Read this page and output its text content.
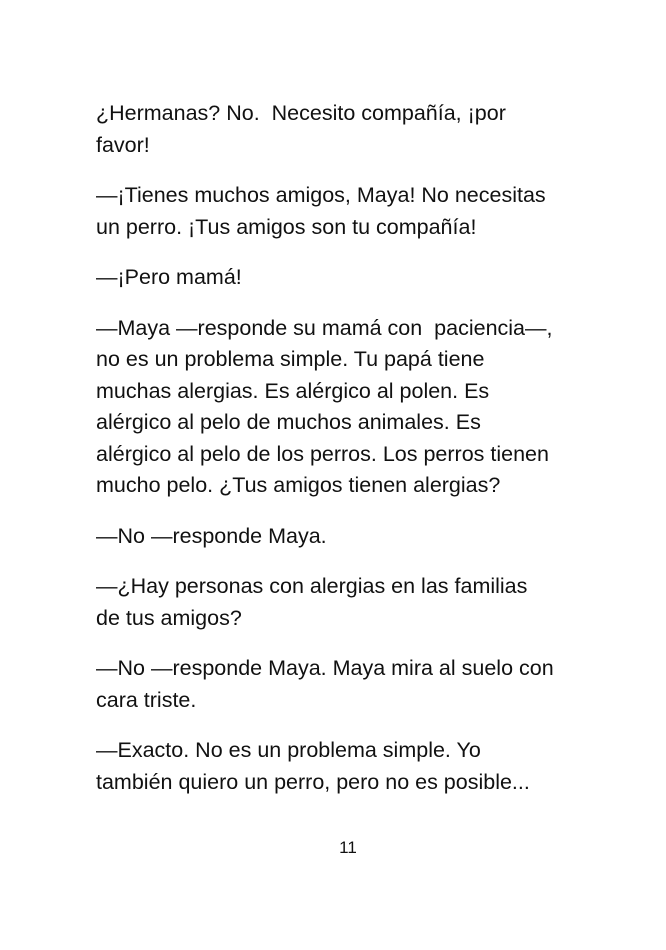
¿Hermanas? No.  Necesito compañía, ¡por
favor!

—¡Tienes muchos amigos, Maya! No necesitas
un perro. ¡Tus amigos son tu compañía!

—¡Pero mamá!

—Maya —responde su mamá con  paciencia—,
no es un problema simple. Tu papá tiene
muchas alergias. Es alérgico al polen. Es
alérgico al pelo de muchos animales. Es
alérgico al pelo de los perros. Los perros tienen
mucho pelo. ¿Tus amigos tienen alergias?

—No —responde Maya.

—¿Hay personas con alergias en las familias
de tus amigos?

—No —responde Maya. Maya mira al suelo con
cara triste.

—Exacto. No es un problema simple. Yo
también quiero un perro, pero no es posible...

11
